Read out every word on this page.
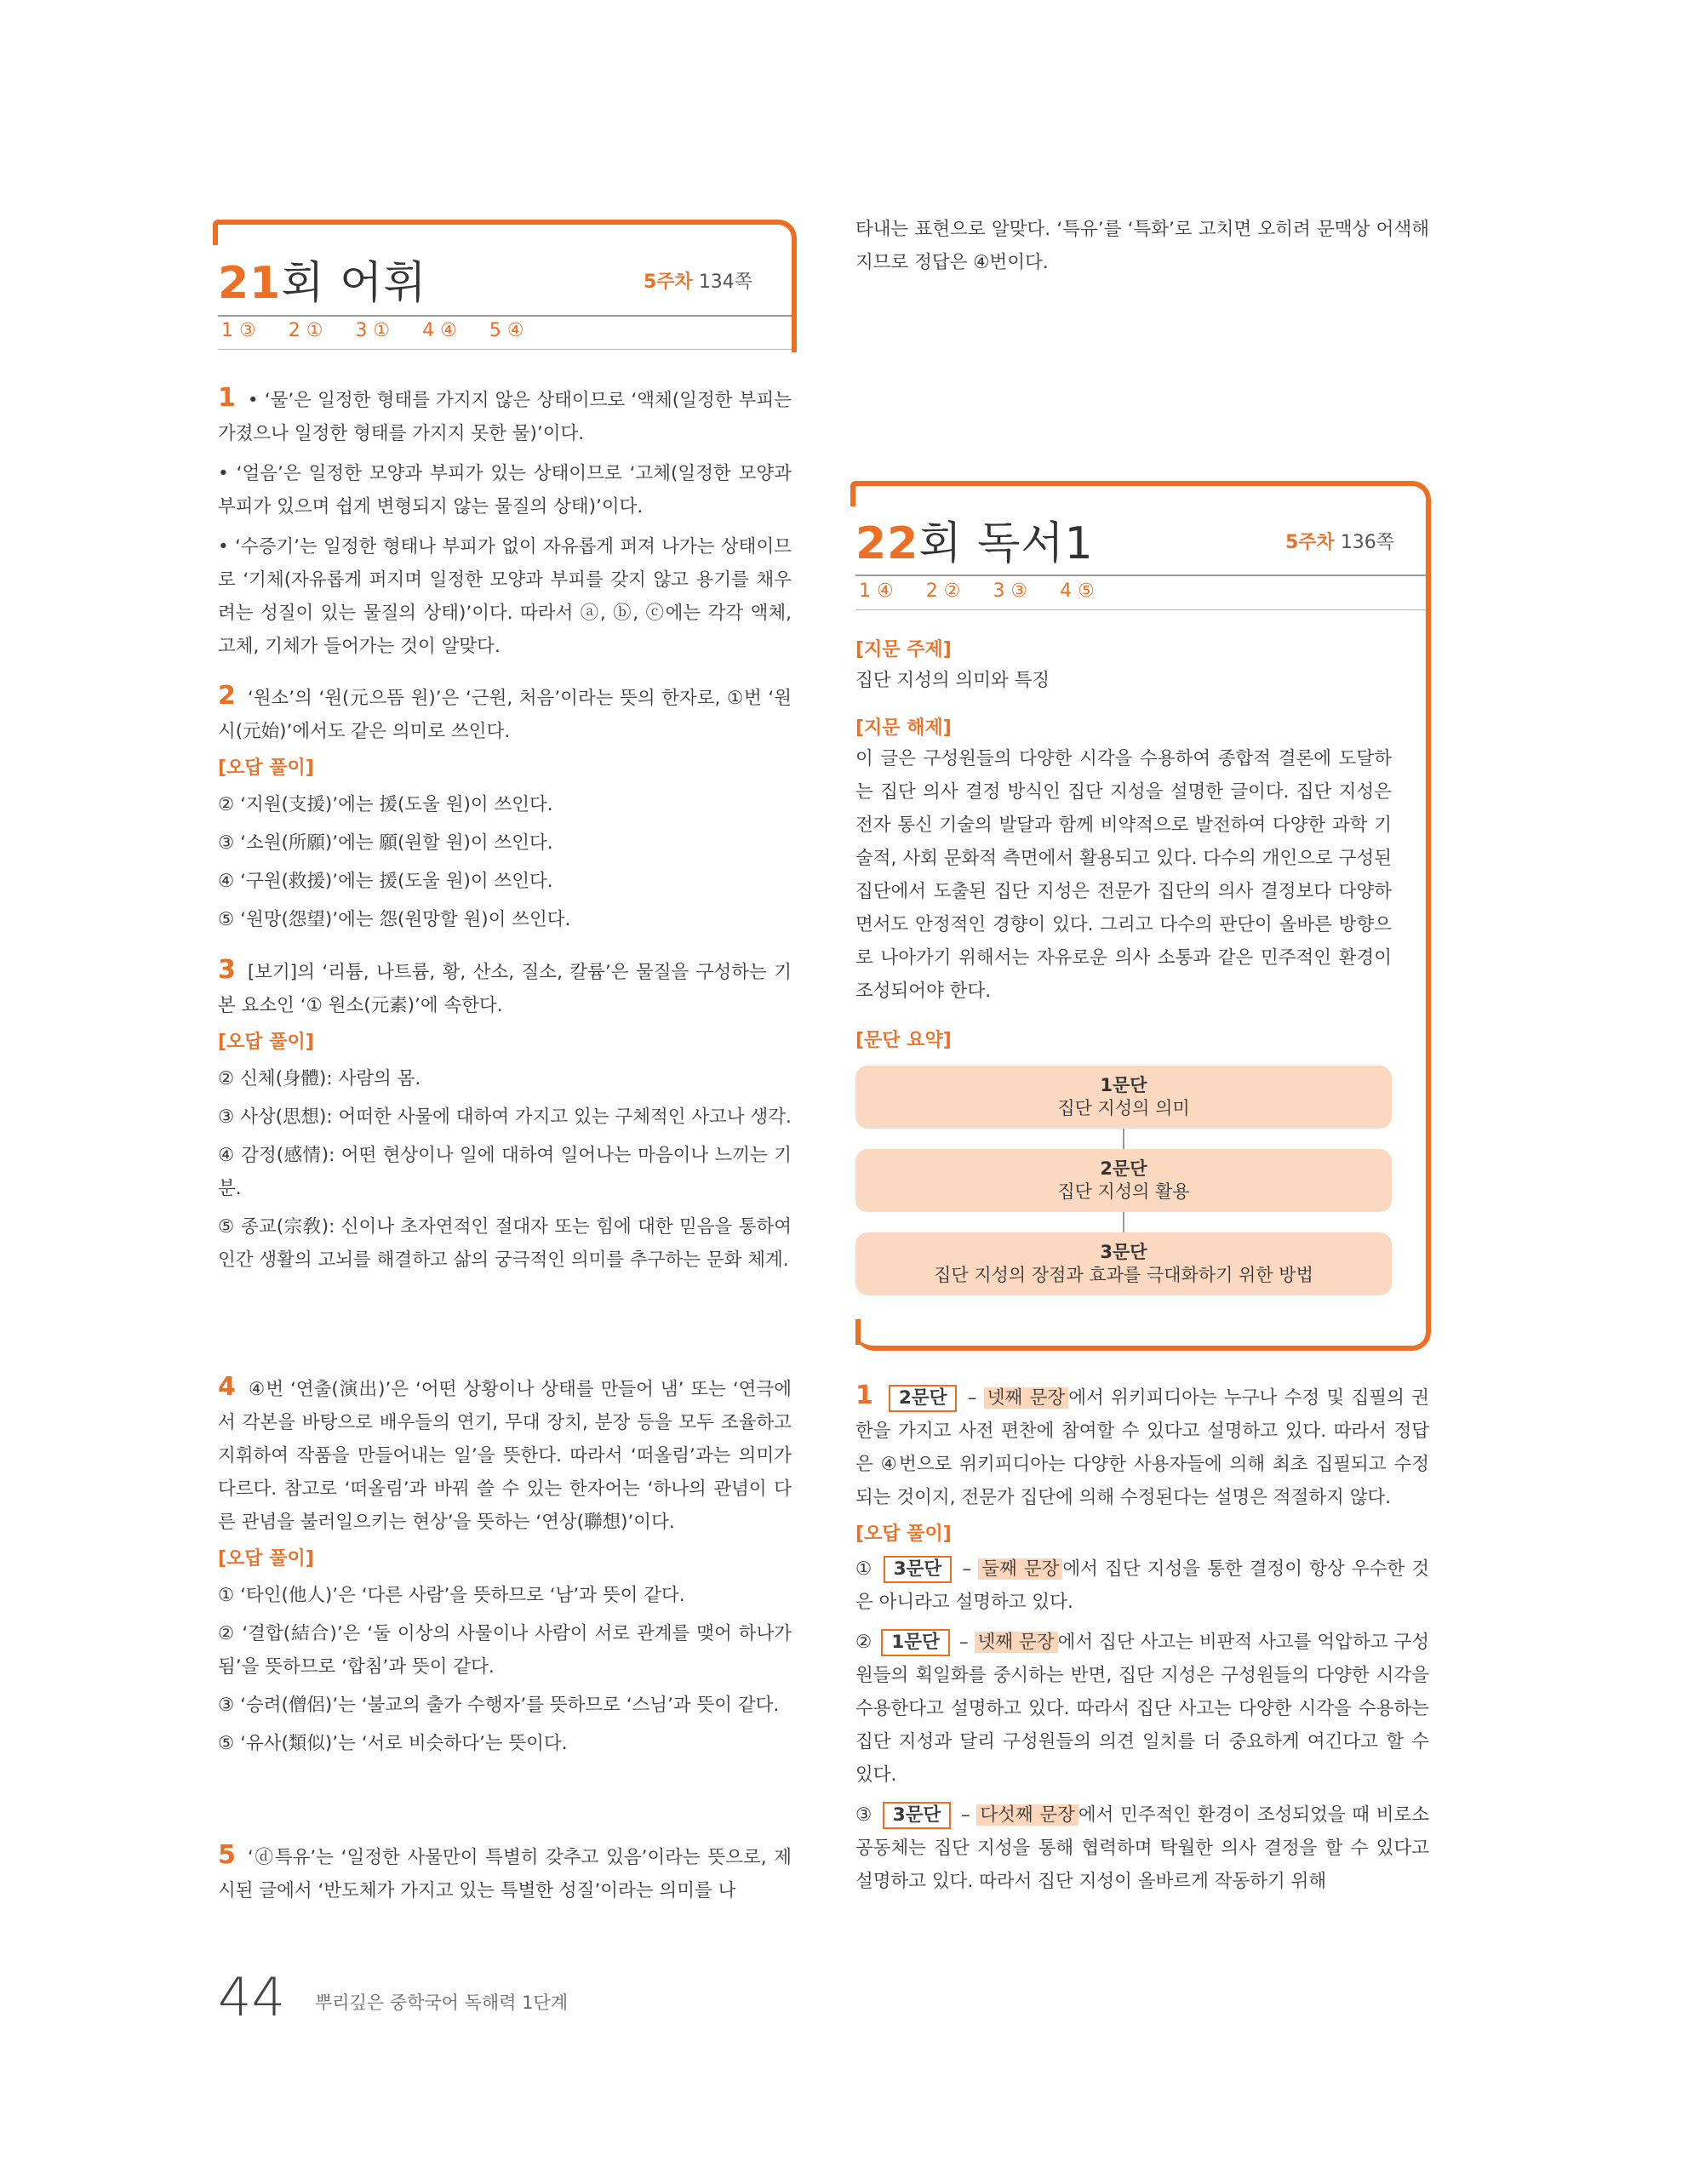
21회 어휘	5주차 134쪽
1 ③ 2 ① 3 ① 4 ④ 5 ④

1 • ‘물’은 일정한 형태를 가지지 않은 상태이므로 ‘액체(일정한 부피는 가졌으나 일정한 형태를 가지지 못한 물)’이다.

• ‘얼음’은 일정한 모양과 부피가 있는 상태이므로 ‘고체(일정한 모양과 부피가 있으며 쉽게 변형되지 않는 물질의 상태)’이다.

• ‘수증기’는 일정한 형태나 부피가 없이 자유롭게 퍼져 나가는 상태이므로 ‘기체(자유롭게 퍼지며 일정한 모양과 부피를 갖지 않고 용기를 채우려는 성질이 있는 물질의 상태)’이다. 따라서 ⓐ, ⓑ, ⓒ에는 각각 액체, 고체, 기체가 들어가는 것이 알맞다.

2 ‘원소’의 ‘원(元으뜸 원)’은 ‘근원, 처음’이라는 뜻의 한자로, ①번 ‘원시(元始)’에서도 같은 의미로 쓰인다.

[오답 풀이]

② ‘지원(支援)’에는 援(도울 원)이 쓰인다.

③ ‘소원(所願)’에는 願(원할 원)이 쓰인다.

④ ‘구원(救援)’에는 援(도울 원)이 쓰인다.

⑤ ‘원망(怨望)’에는 怨(원망할 원)이 쓰인다.

3 [보기]의 ‘리튬, 나트륨, 황, 산소, 질소, 칼륨’은 물질을 구성하는 기본 요소인 ‘① 원소(元素)’에 속한다.

[오답 풀이]

② 신체(身體): 사람의 몸.

③ 사상(思想): 어떠한 사물에 대하여 가지고 있는 구체적인 사고나 생각.

④ 감정(感情): 어떤 현상이나 일에 대하여 일어나는 마음이나 느끼는 기분.

⑤ 종교(宗敎): 신이나 초자연적인 절대자 또는 힘에 대한 믿음을 통하여 인간 생활의 고뇌를 해결하고 삶의 궁극적인 의미를 추구하는 문화 체계.

4 ④번 ‘연출(演出)’은 ‘어떤 상황이나 상태를 만들어 냄’ 또는 ‘연극에서 각본을 바탕으로 배우들의 연기, 무대 장치, 분장 등을 모두 조율하고 지휘하여 작품을 만들어내는 일’을 뜻한다. 따라서 ‘떠올림’과는 의미가 다르다. 참고로 ‘떠올림’과 바꿔 쓸 수 있는 한자어는 ‘하나의 관념이 다른 관념을 불러일으키는 현상’을 뜻하는 ‘연상(聯想)’이다.

[오답 풀이]

① ‘타인(他人)’은 ‘다른 사람’을 뜻하므로 ‘남’과 뜻이 같다.

② ‘결합(結合)’은 ‘둘 이상의 사물이나 사람이 서로 관계를 맺어 하나가 됨’을 뜻하므로 ‘합침’과 뜻이 같다.

③ ‘승려(僧侶)’는 ‘불교의 출가 수행자’를 뜻하므로 ‘스님’과 뜻이 같다.

⑤ ‘유사(類似)’는 ‘서로 비슷하다’는 뜻이다.

5 ‘ⓓ특유’는 ‘일정한 사물만이 특별히 갖추고 있음’이라는 뜻으로, 제시된 글에서 ‘반도체가 가지고 있는 특별한 성질’이라는 의미를 나

타내는 표현으로 알맞다. ‘특유’를 ‘특화’로 고치면 오히려 문맥상 어색해지므로 정답은 ④번이다.

22회 독서1	5주차 136쪽
1 ④ 2 ② 3 ③ 4 ⑤
[지문 주제]

집단 지성의 의미와 특징

[지문 해제]

이 글은 구성원들의 다양한 시각을 수용하여 종합적 결론에 도달하는 집단 의사 결정 방식인 집단 지성을 설명한 글이다. 집단 지성은 전자 통신 기술의 발달과 함께 비약적으로 발전하여 다양한 과학 기술적, 사회 문화적 측면에서 활용되고 있다. 다수의 개인으로 구성된 집단에서 도출된 집단 지성은 전문가 집단의 의사 결정보다 다양하면서도 안정적인 경향이 있다. 그리고 다수의 판단이 올바른 방향으로 나아가기 위해서는 자유로운 의사 소통과 같은 민주적인 환경이 조성되어야 한다.

[문단 요약]
1문단
집단 지성의 의미
2문단
집단 지성의 활용
3문단
집단 지성의 장점과 효과를 극대화하기 위한 방법

1 2문단 – 넷째 문장 에서 위키피디아는 누구나 수정 및 집필의 권한을 가지고 사전 편찬에 참여할 수 있다고 설명하고 있다. 따라서 정답은 ④번으로 위키피디아는 다양한 사용자들에 의해 최초 집필되고 수정되는 것이지, 전문가 집단에 의해 수정된다는 설명은 적절하지 않다.

[오답 풀이]

① 3문단 – 둘째 문장 에서 집단 지성을 통한 결정이 항상 우수한 것은 아니라고 설명하고 있다.

② 1문단 – 넷째 문장 에서 집단 사고는 비판적 사고를 억압하고 구성원들의 획일화를 중시하는 반면, 집단 지성은 구성원들의 다양한 시각을 수용한다고 설명하고 있다. 따라서 집단 사고는 다양한 시각을 수용하는 집단 지성과 달리 구성원들의 의견 일치를 더 중요하게 여긴다고 할 수 있다.

③ 3문단 – 다섯째 문장 에서 민주적인 환경이 조성되었을 때 비로소 공동체는 집단 지성을 통해 협력하며 탁월한 의사 결정을 할 수 있다고 설명하고 있다. 따라서 집단 지성이 올바르게 작동하기 위해

44 뿌리깊은 중학국어 독해력 1단계
